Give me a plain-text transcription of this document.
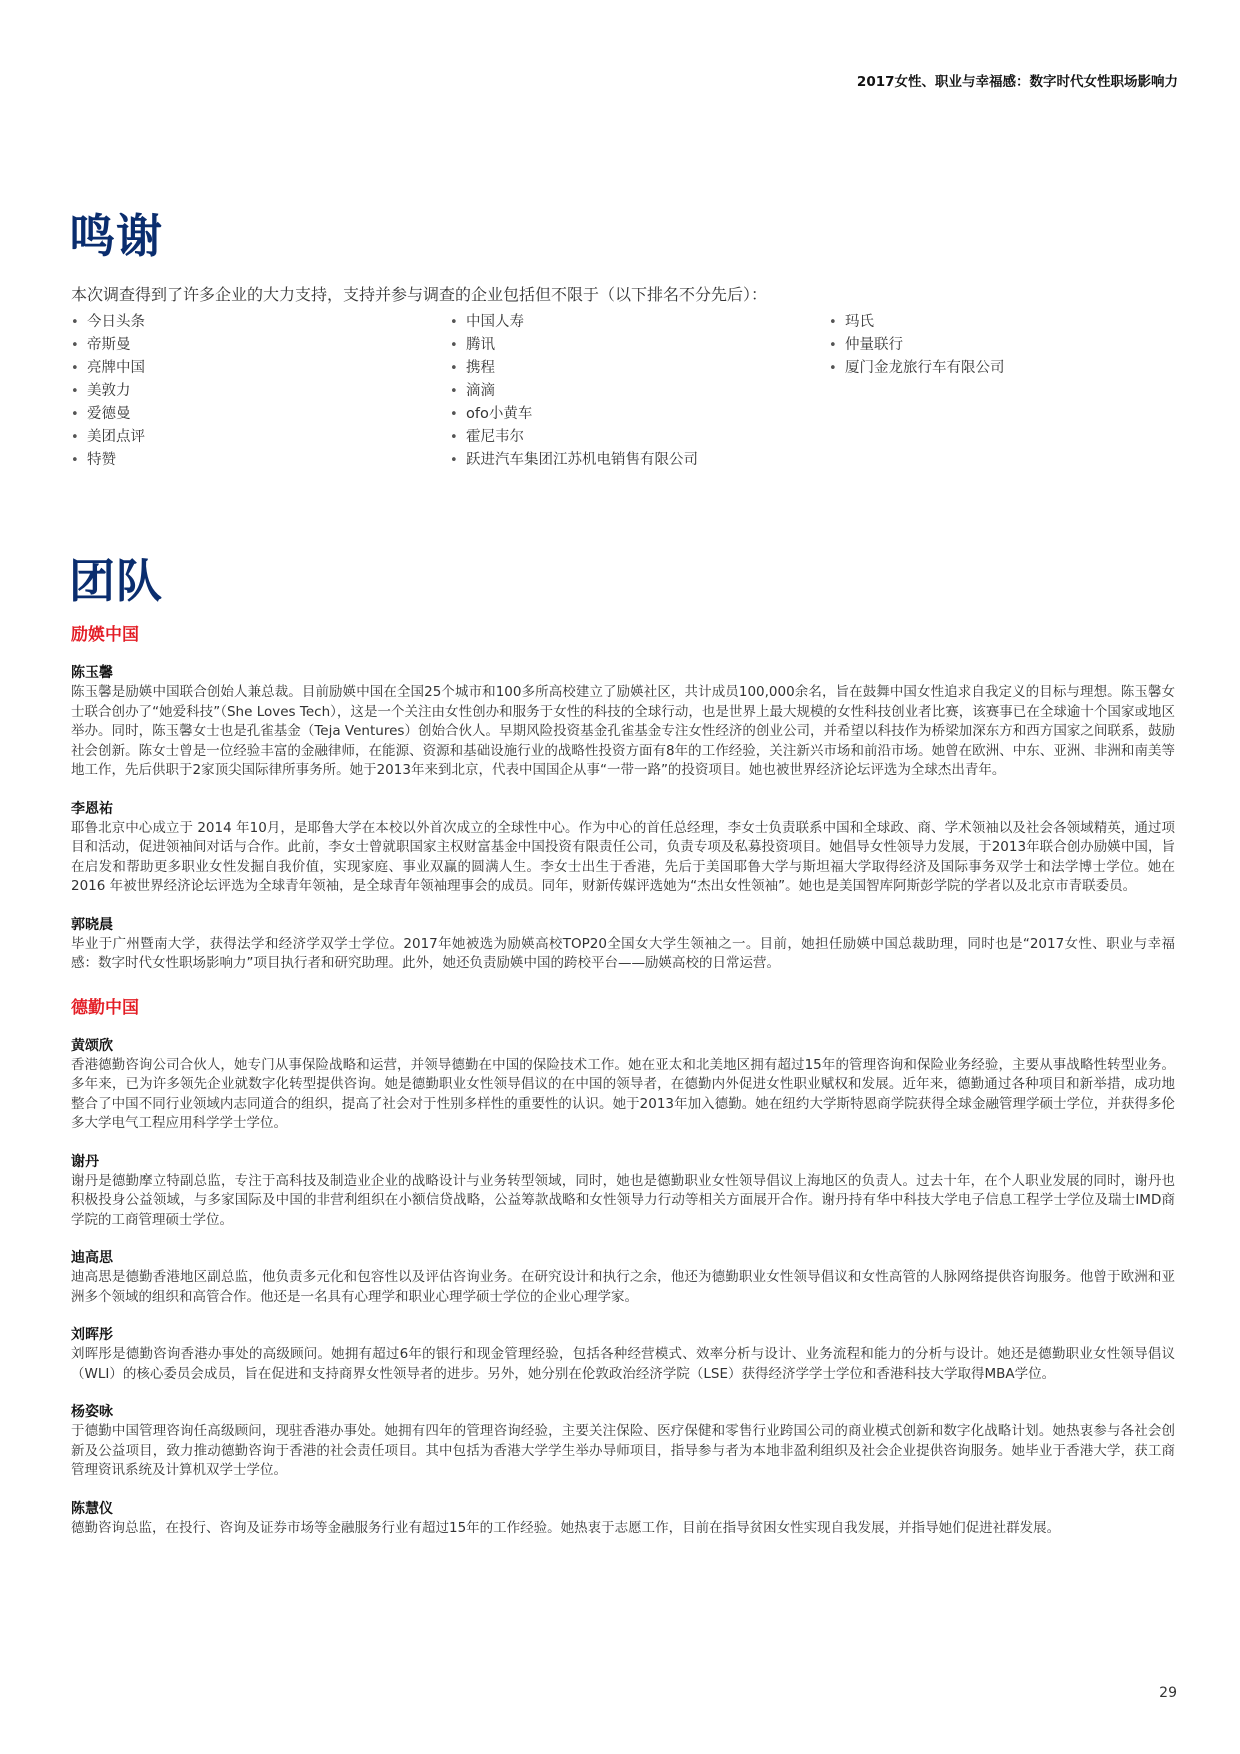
2017女性、职业与幸福感：数字时代女性职场影响力
鸣谢

本次调查得到了许多企业的大力支持，支持并参与调查的企业包括但不限于（以下排名不分先后）：

• 今日头条
• 帝斯曼
• 亮牌中国
• 美敦力
• 爱德曼
• 美团点评
• 特赞
• 中国人寿
• 腾讯
• 携程
• 滴滴
• ofo小黄车
• 霍尼韦尔
• 跃进汽车集团江苏机电销售有限公司
• 玛氏
• 仲量联行
• 厦门金龙旅行车有限公司
团队
励媖中国

陈玉馨

陈玉馨是励媖中国联合创始人兼总裁。目前励媖中国在全国25个城市和100多所高校建立了励媖社区，共计成员100,000余名，旨在鼓舞中国女性追求自我定义的目标与理想。陈玉馨女士联合创办了“她爱科技”（She Loves Tech），这是一个关注由女性创办和服务于女性的科技的全球行动，也是世界上最大规模的女性科技创业者比赛，该赛事已在全球逾十个国家或地区举办。同时，陈玉馨女士也是孔雀基金（Teja Ventures）创始合伙人。早期风险投资基金孔雀基金专注女性经济的创业公司，并希望以科技作为桥梁加深东方和西方国家之间联系，鼓励社会创新。陈女士曾是一位经验丰富的金融律师，在能源、资源和基础设施行业的战略性投资方面有8年的工作经验，关注新兴市场和前沿市场。她曾在欧洲、中东、亚洲、非洲和南美等地工作，先后供职于2家顶尖国际律所事务所。她于2013年来到北京，代表中国国企从事“一带一路”的投资项目。她也被世界经济论坛评选为全球杰出青年。

李恩祐

耶鲁北京中心成立于 2014 年10月，是耶鲁大学在本校以外首次成立的全球性中心。作为中心的首任总经理，李女士负责联系中国和全球政、商、学术领袖以及社会各领域精英，通过项目和活动，促进领袖间对话与合作。此前，李女士曾就职国家主权财富基金中国投资有限责任公司，负责专项及私募投资项目。她倡导女性领导力发展，于2013年联合创办励媖中国，旨在启发和帮助更多职业女性发掘自我价值，实现家庭、事业双赢的圆满人生。李女士出生于香港，先后于美国耶鲁大学与斯坦福大学取得经济及国际事务双学士和法学博士学位。她在2016 年被世界经济论坛评选为全球青年领袖，是全球青年领袖理事会的成员。同年，财新传媒评选她为“杰出女性领袖”。她也是美国智库阿斯彭学院的学者以及北京市青联委员。

郭晓晨

毕业于广州暨南大学，获得法学和经济学双学士学位。2017年她被选为励媖高校TOP20全国女大学生领袖之一。目前，她担任励媖中国总裁助理，同时也是“2017女性、职业与幸福感：数字时代女性职场影响力”项目执行者和研究助理。此外，她还负责励媖中国的跨校平台——励媖高校的日常运营。

德勤中国

黄颂欣

香港德勤咨询公司合伙人，她专门从事保险战略和运营，并领导德勤在中国的保险技术工作。她在亚太和北美地区拥有超过15年的管理咨询和保险业务经验，主要从事战略性转型业务。多年来，已为许多领先企业就数字化转型提供咨询。她是德勤职业女性领导倡议的在中国的领导者，在德勤内外促进女性职业赋权和发展。近年来，德勤通过各种项目和新举措，成功地整合了中国不同行业领域内志同道合的组织，提高了社会对于性别多样性的重要性的认识。她于2013年加入德勤。她在纽约大学斯特恩商学院获得全球金融管理学硕士学位，并获得多伦多大学电气工程应用科学学士学位。

谢丹

谢丹是德勤摩立特副总监，专注于高科技及制造业企业的战略设计与业务转型领域，同时，她也是德勤职业女性领导倡议上海地区的负责人。过去十年，在个人职业发展的同时，谢丹也积极投身公益领域，与多家国际及中国的非营利组织在小额信贷战略，公益筹款战略和女性领导力行动等相关方面展开合作。谢丹持有华中科技大学电子信息工程学士学位及瑞士IMD商学院的工商管理硕士学位。

迪高思

迪高思是德勤香港地区副总监，他负责多元化和包容性以及评估咨询业务。在研究设计和执行之余，他还为德勤职业女性领导倡议和女性高管的人脉网络提供咨询服务。他曾于欧洲和亚洲多个领域的组织和高管合作。他还是一名具有心理学和职业心理学硕士学位的企业心理学家。

刘晖彤

刘晖彤是德勤咨询香港办事处的高级顾问。她拥有超过6年的银行和现金管理经验，包括各种经营模式、效率分析与设计、业务流程和能力的分析与设计。她还是德勤职业女性领导倡议（WLI）的核心委员会成员，旨在促进和支持商界女性领导者的进步。另外，她分别在伦敦政治经济学院（LSE）获得经济学学士学位和香港科技大学取得MBA学位。

杨姿咏

于德勤中国管理咨询任高级顾问，现驻香港办事处。她拥有四年的管理咨询经验，主要关注保险、医疗保健和零售行业跨国公司的商业模式创新和数字化战略计划。她热衷参与各社会创新及公益项目，致力推动德勤咨询于香港的社会责任项目。其中包括为香港大学学生举办导师项目，指导参与者为本地非盈利组织及社会企业提供咨询服务。她毕业于香港大学，获工商管理资讯系统及计算机双学士学位。

陈慧仪

德勤咨询总监，在投行、咨询及证券市场等金融服务行业有超过15年的工作经验。她热衷于志愿工作，目前在指导贫困女性实现自我发展，并指导她们促进社群发展。

29
